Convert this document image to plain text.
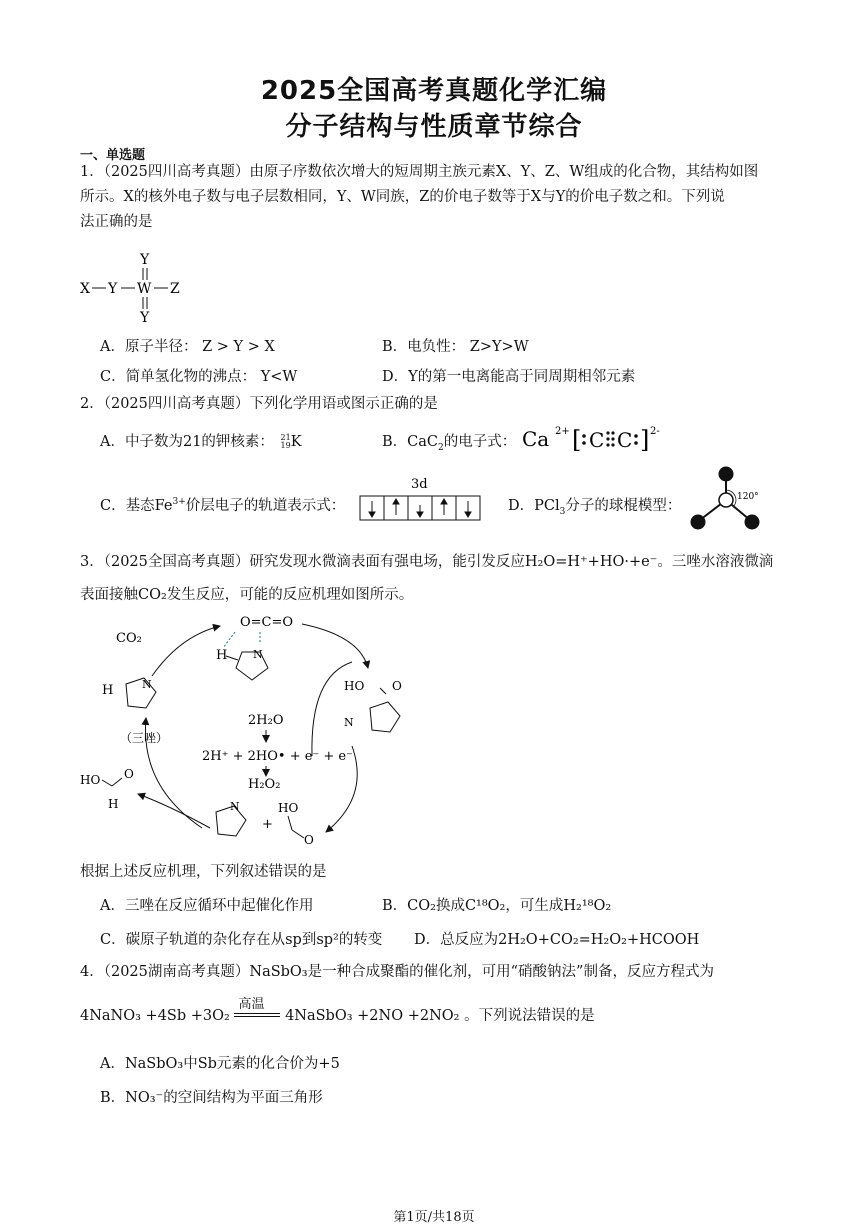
2025全国高考真题化学汇编
分子结构与性质章节综合
一、单选题
1．（2025四川高考真题）由原子序数依次增大的短周期主族元素X、Y、Z、W组成的化合物，其结构如图
所示。X的核外电子数与电子层数相同，Y、W同族，Z的价电子数等于X与Y的价电子数之和。下列说
法正确的是
Y
X Y W Z
Y
A．原子半径： Z > Y > X	B．电负性： Z>Y>W
C．简单氢化物的沸点： Y<W	D．Y的第一电离能高于同周期相邻元素
2．（2025四川高考真题）下列化学用语或图示正确的是
A．中子数为21的钾核素： 21
19 K	B．CaC$_2$的电子式： Ca 2+ [ C C ] 2-
C．基态$Fe^{3+}$价层电子的轨道表示式：
3d
D．PCl$_3$分子的球棍模型：
120°
3．（2025全国高考真题）研究发现水微滴表面有强电场，能引发反应H₂O=H⁺+HO·+e⁻。三唑水溶液微滴
表面接触CO₂发生反应，可能的反应机理如图所示。
CO₂
O=C=O
H N
H	N
（三唑）
HO O
N
2H₂O
2H⁺ + 2HO• + e⁻ + e⁻
H₂O₂
HO O
H	N
+
HO
O
根据上述反应机理，下列叙述错误的是
A．三唑在反应循环中起催化作用	B．CO₂换成C¹⁸O₂，可生成H₂¹⁸O₂
C．碳原子轨道的杂化存在从sp到sp²的转变 D．总反应为2H₂O+CO₂=H₂O₂+HCOOH
4．（2025湖南高考真题）NaSbO₃是一种合成聚酯的催化剂，可用“硝酸钠法”制备，反应方程式为
4NaNO₃ +4Sb +3O₂
高温
4NaSbO₃ +2NO +2NO₂ 。下列说法错误的是
A．NaSbO₃中Sb元素的化合价为+5
B．NO₃⁻的空间结构为平面三角形
第1页/共18页
